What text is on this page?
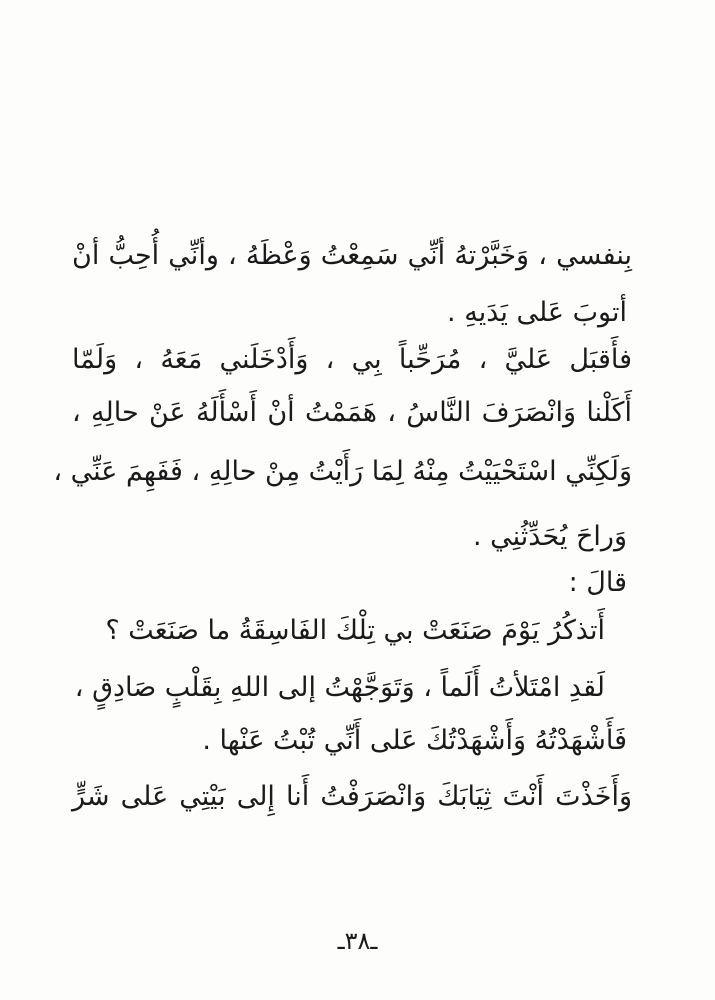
بِنفسي ، وَخَبَّرْتهُ أنِّي سَمِعْتُ وَعْظَهُ ، وأنِّي أُحِبُّ أنْ
أتوبَ عَلى يَدَيهِ .
فأَقبَل عَليَّ ، مُرَحِّباً بِي ، وَأَدْخَلَني مَعَهُ ، وَلَمّا
أَكَلْنا وَانْصَرَفَ النَّاسُ ، هَمَمْتُ أنْ أَسْأَلَهُ عَنْ حالِهِ ،
وَلَكِنِّي اسْتَحْيَيْتُ مِنْهُ لِمَا رَأَيْتُ مِنْ حالِهِ ، فَفَهِمَ عَنِّي ،
وَراحَ يُحَدِّثُنِي .
قالَ :
أَتذكُرُ يَوْمَ صَنَعَتْ بي تِلْكَ الفَاسِقَةُ ما صَنَعَتْ ؟
لَقدِ امْتَلأتُ أَلَماً ، وَتَوَجَّهْتُ إلى اللهِ بِقَلْبٍ صَادِقٍ ،
فَأَشْهَدْتُهُ وَأَشْهَدْتُكَ عَلى أَنِّي تُبْتُ عَنْها .
وَأَخَذْتَ أَنْتَ ثِيَابَكَ وَانْصَرَفْتُ أَنا إِلى بَيْتِي عَلى شَرٍّ
ـ٣٨ـ
